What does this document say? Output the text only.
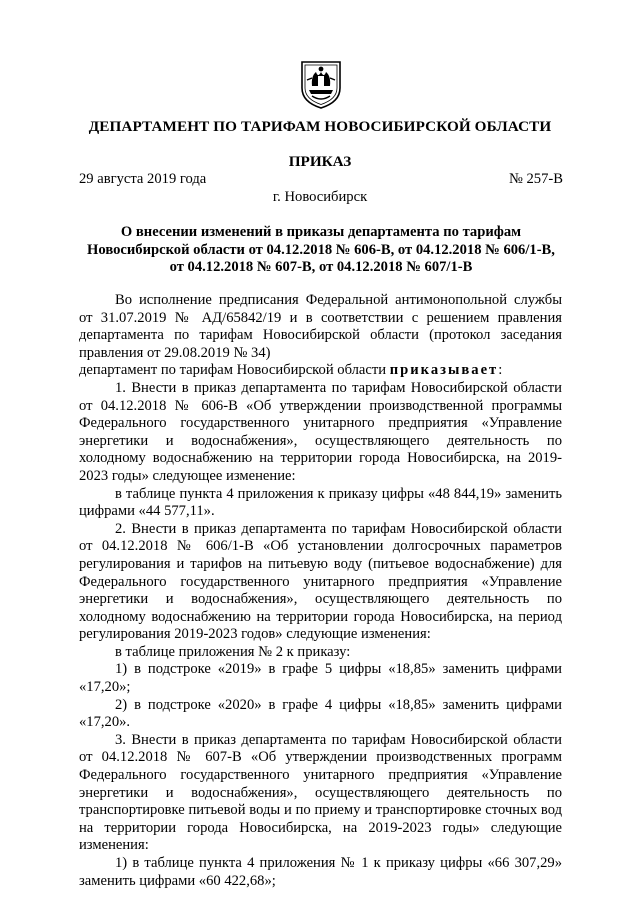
ДЕПАРТАМЕНТ ПО ТАРИФАМ НОВОСИБИРСКОЙ ОБЛАСТИ
ПРИКАЗ
29 августа 2019 года	№ 257-В
г. Новосибирск
О внесении изменений в приказы департамента по тарифам Новосибирской области от 04.12.2018 № 606-В, от 04.12.2018 № 606/1-В, от 04.12.2018 № 607-В, от 04.12.2018 № 607/1-В

Во исполнение предписания Федеральной антимонопольной службы от 31.07.2019 № АД/65842/19 и в соответствии с решением правления департамента по тарифам Новосибирской области (протокол заседания правления от 29.08.2019 № 34)

департамент по тарифам Новосибирской области приказывает:

1. Внести в приказ департамента по тарифам Новосибирской области от 04.12.2018 № 606-В «Об утверждении производственной программы Федерального государственного унитарного предприятия «Управление энергетики и водоснабжения», осуществляющего деятельность по холодному водоснабжению на территории города Новосибирска, на 2019-2023 годы» следующее изменение:

в таблице пункта 4 приложения к приказу цифры «48 844,19» заменить цифрами «44 577,11».

2. Внести в приказ департамента по тарифам Новосибирской области от 04.12.2018 № 606/1-В «Об установлении долгосрочных параметров регулирования и тарифов на питьевую воду (питьевое водоснабжение) для Федерального государственного унитарного предприятия «Управление энергетики и водоснабжения», осуществляющего деятельность по холодному водоснабжению на территории города Новосибирска, на период регулирования 2019-2023 годов» следующие изменения:

в таблице приложения № 2 к приказу:

1) в подстроке «2019» в графе 5 цифры «18,85» заменить цифрами «17,20»;

2) в подстроке «2020» в графе 4 цифры «18,85» заменить цифрами «17,20».

3. Внести в приказ департамента по тарифам Новосибирской области от 04.12.2018 № 607-В «Об утверждении производственных программ Федерального государственного унитарного предприятия «Управление энергетики и водоснабжения», осуществляющего деятельность по транспортировке питьевой воды и по приему и транспортировке сточных вод на территории города Новосибирска, на 2019-2023 годы» следующие изменения:

1) в таблице пункта 4 приложения № 1 к приказу цифры «66 307,29» заменить цифрами «60 422,68»;
